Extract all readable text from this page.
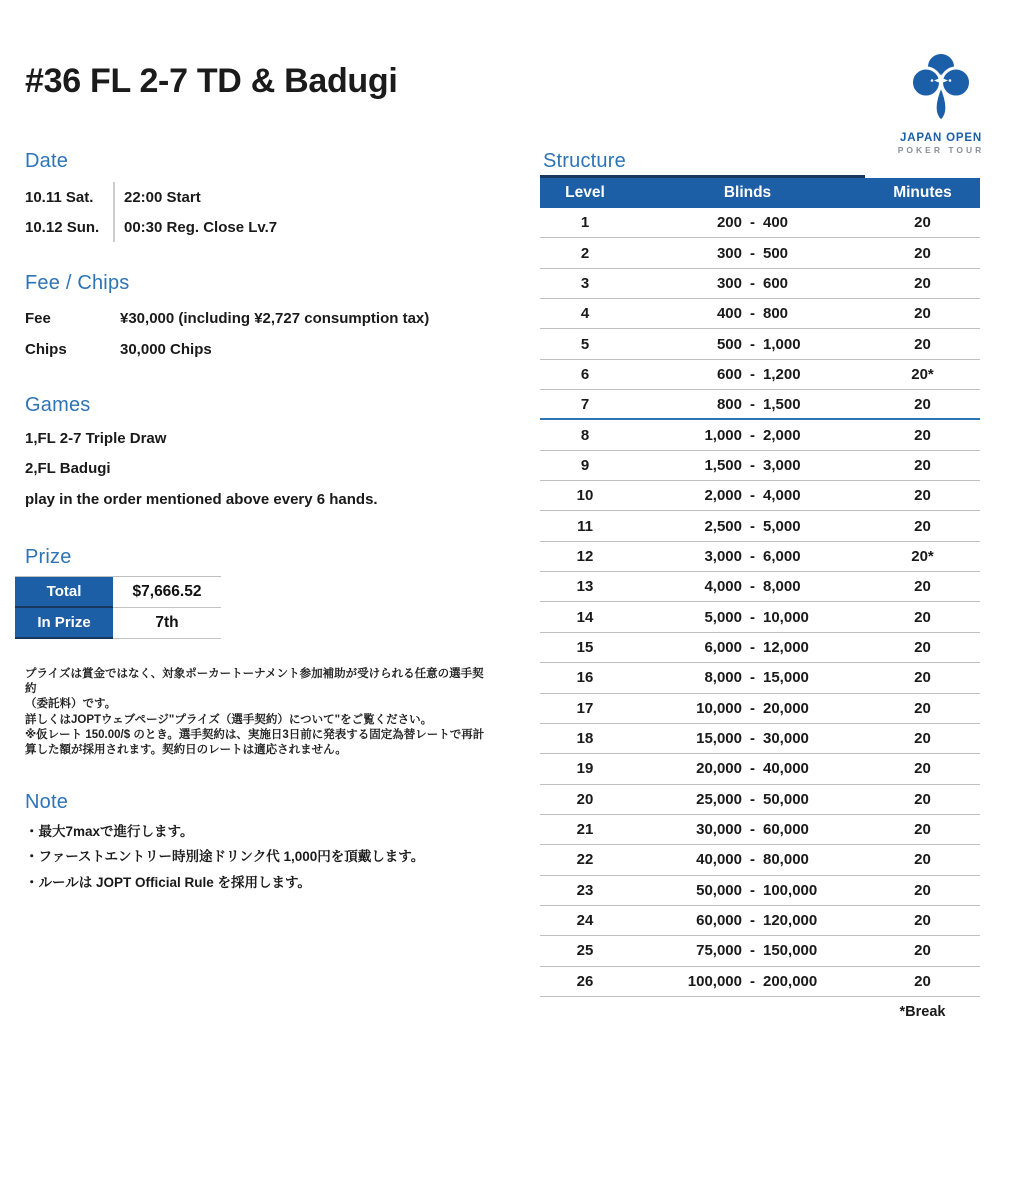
#36 FL 2-7 TD & Badugi
JAPAN OPEN
POKER TOUR
Date
10.11 Sat.	22:00 Start
10.12 Sun.	00:30 Reg. Close Lv.7
Fee / Chips
Fee	¥30,000 (including ¥2,727 consumption tax)
Chips	30,000 Chips
Games
1,FL 2-7 Triple Draw
2,FL Badugi
play in the order mentioned above every 6 hands.
Prize
Total	$7,666.52
In Prize	7th
プライズは賞金ではなく、対象ポーカートーナメント参加補助が受けられる任意の選手契約
（委託料）です。
詳しくはJOPTウェブページ"プライズ（選手契約）について"をご覧ください。
※仮レート 150.00/$ のとき。選手契約は、実施日3日前に発表する固定為替レートで再計
算した額が採用されます。契約日のレートは適応されません。
Note
・最大7maxで進行します。
・ファーストエントリー時別途ドリンク代 1,000円を頂戴します。
・ルールは JOPT Official Rule を採用します。
Structure
Level	Blinds	Minutes
1	200 - 400	20
2	300 - 500	20
3	300 - 600	20
4	400 - 800	20
5	500 - 1,000	20
6	600 - 1,200	20*
7	800 - 1,500	20
8	1,000 - 2,000	20
9	1,500 - 3,000	20
10	2,000 - 4,000	20
11	2,500 - 5,000	20
12	3,000 - 6,000	20*
13	4,000 - 8,000	20
14	5,000 - 10,000	20
15	6,000 - 12,000	20
16	8,000 - 15,000	20
17	10,000 - 20,000	20
18	15,000 - 30,000	20
19	20,000 - 40,000	20
20	25,000 - 50,000	20
21	30,000 - 60,000	20
22	40,000 - 80,000	20
23	50,000 - 100,000	20
24	60,000 - 120,000	20
25	75,000 - 150,000	20
26	100,000 - 200,000	20
*Break
